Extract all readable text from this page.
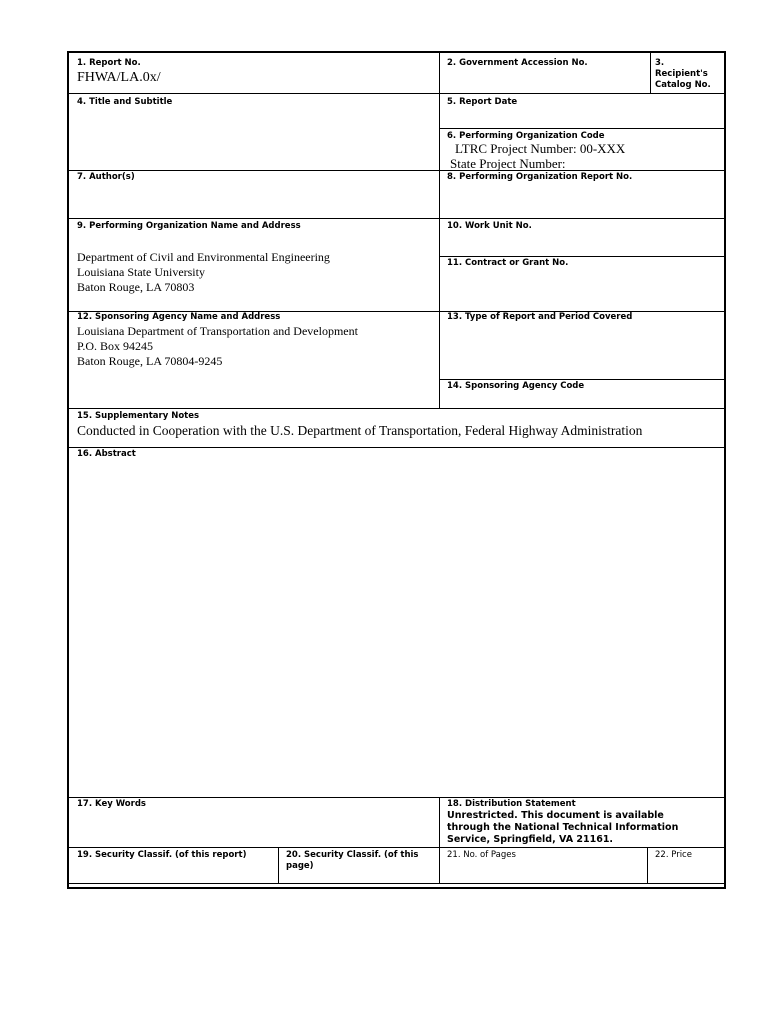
1. Report No.
FHWA/LA.0x/
2. Government Accession No.	3.
Recipient's
Catalog No.
4. Title and Subtitle	5. Report Date
6. Performing Organization Code
LTRC Project Number: 00-XXX
State Project Number:
7. Author(s)	8. Performing Organization Report No.
9. Performing Organization Name and Address
Department of Civil and Environmental Engineering
Louisiana State University
Baton Rouge, LA 70803
10. Work Unit No.
11. Contract or Grant No.
12. Sponsoring Agency Name and Address
Louisiana Department of Transportation and Development
P.O. Box 94245
Baton Rouge, LA 70804-9245
13. Type of Report and Period Covered
14. Sponsoring Agency Code
15. Supplementary Notes
Conducted in Cooperation with the U.S. Department of Transportation, Federal Highway Administration
16. Abstract
17. Key Words	18. Distribution Statement
Unrestricted. This document is available
through the National Technical Information
Service, Springfield, VA 21161.
19. Security Classif. (of this report)	20. Security Classif. (of this
page)
21. No. of Pages	22. Price
